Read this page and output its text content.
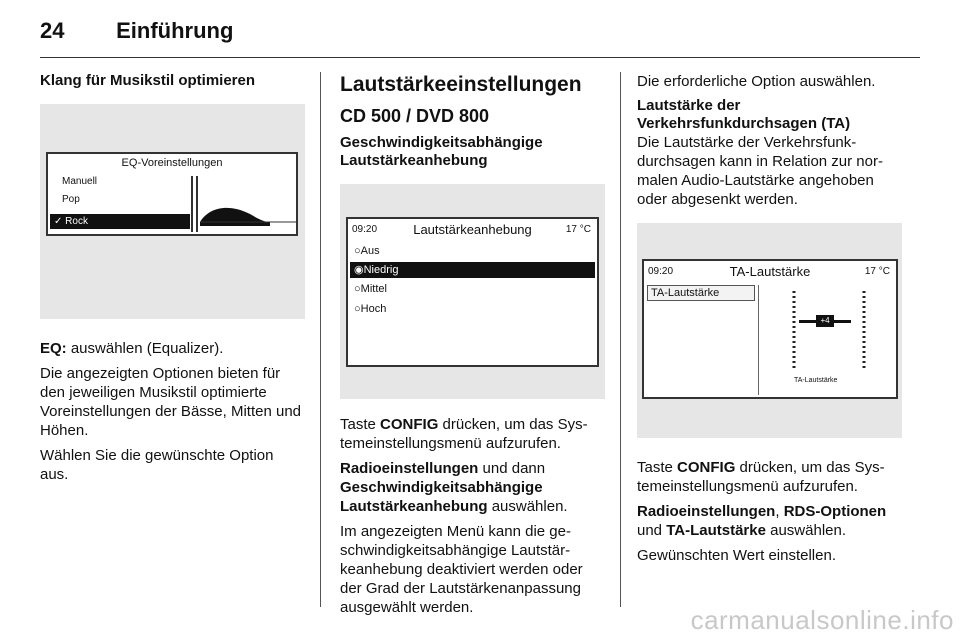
24 Einführung
Klang für Musikstil optimieren
EQ-Voreinstellungen
Manuell
Pop
✓ Rock

EQ: auswählen (Equalizer).

Die angezeigten Optionen bieten für den jeweiligen Musikstil optimierte Voreinstellungen der Bässe, Mitten und Höhen.

Wählen Sie die gewünschte Option aus.

Lautstärkeeinstellungen
CD 500 / DVD 800
Geschwindigkeitsabhängige Lautstärkeanhebung
09:20	Lautstärkeanhebung	17 °C
○Aus
◉Niedrig
○Mittel
○Hoch

Taste CONFIG drücken, um das Systemeinstellungsmenü aufzurufen.

Radioeinstellungen und dann Geschwindigkeitsabhängige Lautstärkeanhebung auswählen.

Im angezeigten Menü kann die geschwindigkeitsabhängige Lautstärkeanhebung deaktiviert werden oder der Grad der Lautstärkenanpassung ausgewählt werden.

Die erforderliche Option auswählen.

Lautstärke der Verkehrsfunkdurchsagen (TA)

Die Lautstärke der Verkehrsfunkdurchsagen kann in Relation zur normalen Audio-Lautstärke angehoben oder abgesenkt werden.

09:20	TA-Lautstärke	17 °C
TA-Lautstärke
+4
TA-Lautstärke

Taste CONFIG drücken, um das Systemeinstellungsmenü aufzurufen.

Radioeinstellungen, RDS-Optionen und TA-Lautstärke auswählen.

Gewünschten Wert einstellen.

carmanualsonline.info
